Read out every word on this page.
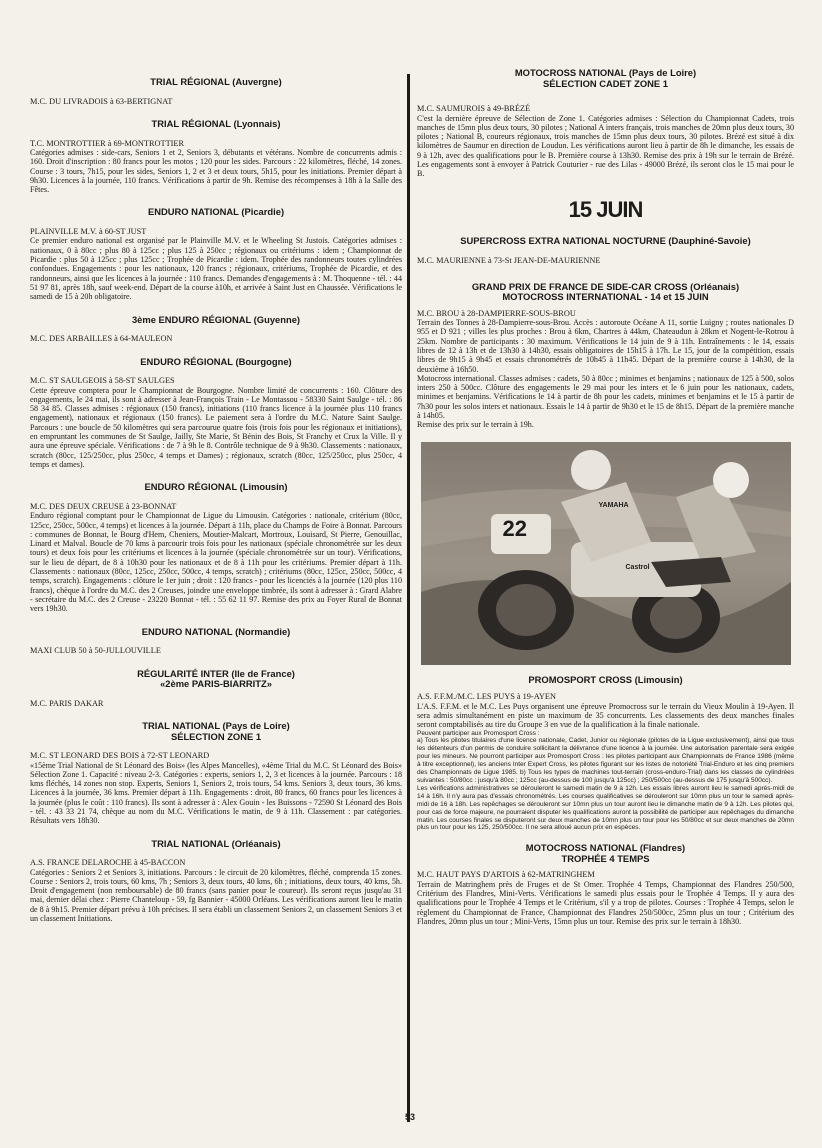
TRIAL RÉGIONAL (Auvergne)

M.C. DU LIVRADOIS à 63-BERTIGNAT

TRIAL RÉGIONAL (Lyonnais)

T.C. MONTROTTIER à 69-MONTROTTIER

Catégories admises : side-cars, Seniors 1 et 2, Seniors 3, débutants et vétérans. Nombre de concurrents admis : 160. Droit d'inscription : 80 francs pour les motos ; 120 pour les sides. Parcours : 22 kilomètres, fléché, 14 zones. Course : 3 tours, 7h15, pour les sides, Seniors 1, 2 et 3 et deux tours, 5h15, pour les initiations. Premier départ à 9h30. Licences à la journée, 110 francs. Vérifications à partir de 9h. Remise des récompenses à 18h à la Salle des Fêtes.

ENDURO NATIONAL (Picardie)

PLAINVILLE M.V. à 60-ST JUST

Ce premier enduro national est organisé par le Plainville M.V. et le Wheeling St Justois. Catégories admises : nationaux, 0 à 80cc ; plus 80 à 125cc ; plus 125 à 250cc ; régionaux ou critériums : idem ; Championnat de Picardie : plus 50 à 125cc ; plus 125cc ; Trophée de Picardie : idem. Trophée des randonneurs toutes cylindrées confondues. Engagements : pour les nationaux, 120 francs ; régionaux, critériums, Trophée de Picardie, et des randonneurs, ainsi que les licences à la journée : 110 francs. Demandes d'engagements à : M. Thoquenne - tél. : 44 51 97 81, après 18h, sauf week-end. Départ de la course à10h, et arrivée à Saint Just en Chaussée. Vérifications le samedi de 15 à 20h obligatoire.

3ème ENDURO RÉGIONAL (Guyenne)

M.C. DES ARBAILLES à 64-MAULEON

ENDURO RÉGIONAL (Bourgogne)

M.C. ST SAULGEOIS à 58-ST SAULGES

Cette épreuve comptera pour le Championnat de Bourgogne. Nombre limité de concurrents : 160. Clôture des engagements, le 24 mai, ils sont à adresser à Jean-François Train - Le Montassou - 58330 Saint Saulge - tél. : 86 58 34 85. Classes admises : régionaux (150 francs), initiations (110 francs licence à la journée plus 110 francs engagement), nationaux et régionaux (150 francs). Le paiement sera à l'ordre du M.C. Nature Saint Saulge. Parcours : une boucle de 50 kilomètres qui sera parcourue quatre fois (trois fois pour les régionaux et initiations), en empruntant les communes de St Saulge, Jailly, Ste Marie, St Bénin des Bois, St Franchy et Crux la Ville. Il y aura une épreuve spéciale. Vérifications : de 7 à 9h le 8. Contrôle technique de 9 à 9h30. Classements : nationaux, scratch (80cc, 125/250cc, plus 250cc, 4 temps et Dames) ; régionaux, scratch (80cc, 125/250cc, plus 250cc, 4 temps et dames).

ENDURO RÉGIONAL (Limousin)

M.C. DES DEUX CREUSE à 23-BONNAT

Enduro régional comptant pour le Championnat de Ligue du Limousin. Catégories : nationale, critérium (80cc, 125cc, 250cc, 500cc, 4 temps) et licences à la journée. Départ à 11h, place du Champs de Foire à Bonnat. Parcours : communes de Bonnat, le Bourg d'Hem, Cheniers, Moutier-Malcart, Mortroux, Louisard, St Pierre, Genouillac, Linard et Malval. Boucle de 70 kms à parcourir trois fois pour les nationaux (spéciale chronométrée sur les deux tours) et deux fois pour les critériums et licences à la journée (spéciale chronométrée sur un tour). Vérifications, sur le lieu de départ, de 8 à 10h30 pour les nationaux et de 8 à 11h pour les critériums. Premier départ à 11h. Classements : nationaux (80cc, 125cc, 250cc, 500cc, 4 temps, scratch) ; critériums (80cc, 125cc, 250cc, 500cc, 4 temps, scratch). Engagements : clôture le 1er juin ; droit : 120 francs - pour les licenciés à la journée (120 plus 110 francs), chèque à l'ordre du M.C. des 2 Creuses, joindre une enveloppe timbrée, ils sont à adresser à : Grard Alabre - secrétaire du M.C. des 2 Creuse - 23220 Bonnat - tél. : 55 62 11 97. Remise des prix au Foyer Rural de Bonnat vers 19h30.

ENDURO NATIONAL (Normandie)

MAXI CLUB 50 à 50-JULLOUVILLE

RÉGULARITÉ INTER (Ile de France)
«2ème PARIS-BIARRITZ»

M.C. PARIS DAKAR

TRIAL NATIONAL (Pays de Loire)
SÉLECTION ZONE 1

M.C. ST LEONARD DES BOIS à 72-ST LEONARD

«15ème Trial National de St Léonard des Bois» (les Alpes Mancelles), «4ème Trial du M.C. St Léonard des Bois» Sélection Zone 1. Capacité : niveau 2-3. Catégories : experts, seniors 1, 2, 3 et licences à la journée. Parcours : 18 kms fléchés, 14 zones non stop. Experts, Seniors 1, Seniors 2, trois tours, 54 kms. Seniors 3, deux tours, 36 kms. Licences à la journée, 36 kms. Premier départ à 11h. Engagements : droit, 80 francs, 60 francs pour les licences à la journée (plus le coût : 110 francs). Ils sont à adresser à : Alex Gouin - les Buissons - 72590 St Léonard des Bois - tél. : 43 33 21 74, chèque au nom du M.C. Vérifications le matin, de 9 à 11h. Classement : par catégories. Résultats vers 18h30.

TRIAL NATIONAL (Orléanais)

A.S. FRANCE DELAROCHE à 45-BACCON

Catégories : Seniors 2 et Seniors 3, initiations. Parcours : le circuit de 20 kilomètres, fléché, comprenda 15 zones. Course : Seniors 2, trois tours, 60 kms, 7h ; Seniors 3, deux tours, 40 kms, 6h ; initiations, deux tours, 40 kms, 5h. Droit d'engagement (non remboursable) de 80 francs (sans panier pour le coureur). Ils seront reçus jusqu'au 31 mai, dernier délai chez : Pierre Chanteloup - 59, fg Bannier - 45000 Orléans. Les vérifications auront lieu le matin de 8 à 9h15. Premier départ prévu à 10h précises. Il sera établi un classement Seniors 2, un classement Seniors 3 et un classement Initiations.

MOTOCROSS NATIONAL (Pays de Loire)
SÉLECTION CADET ZONE 1

M.C. SAUMUROIS à 49-BRÉZÉ

C'est la dernière épreuve de Sélection de Zone 1. Catégories admises : Sélection du Championnat Cadets, trois manches de 15mn plus deux tours, 30 pilotes ; National A inters français, trois manches de 20mn plus deux tours, 30 pilotes ; National B, coureurs régionaux, trois manches de 15mn plus deux tours, 30 pilotes. Brézé est situé à dix kilomètres de Saumur en direction de Loudun. Les vérifications auront lieu à partir de 8h le dimanche, les essais de 9 à 12h, avec des qualifications pour le B. Première course à 13h30. Remise des prix à 19h sur le terrain de Brézé. Les engagements sont à envoyer à Patrick Couturier - rue des Lilas - 49000 Brézé, ils seront clos le 15 mai pour le B.

15 JUIN

SUPERCROSS EXTRA NATIONAL NOCTURNE (Dauphiné-Savoie)

M.C. MAURIENNE à 73-St JEAN-DE-MAURIENNE

GRAND PRIX DE FRANCE DE SIDE-CAR CROSS (Orléanais)
MOTOCROSS INTERNATIONAL - 14 et 15 JUIN

M.C. BROU à 28-DAMPIERRE-SOUS-BROU

Terrain des Tonnes à 28-Dampierre-sous-Brou. Accès : autoroute Océane A 11, sortie Luigny ; routes nationales D 955 et D 921 ; villes les plus proches : Brou à 6km, Chartres à 44km, Chateaudun à 28km et Nogent-le-Rotrou à 25km. Nombre de participants : 30 maximum. Vérifications le 14 juin de 9 à 11h. Entraînements : le 14, essais libres de 12 à 13h et de 13h30 à 14h30, essais obligatoires de 15h15 à 17h. Le 15, jour de la compétition, essais libres de 9h15 à 9h45 et essais chronométrés de 10h45 à 11h45. Départ de la première course à 14h30, de la deuxième à 16h50.

Motocross international. Classes admises : cadets, 50 à 80cc ; minimes et benjamins ; nationaux de 125 à 500, solos inters 250 à 500cc. Clôture des engagements le 29 mai pour les inters et le 6 juin pour les nationaux, cadets, minimes et benjamins. Vérifications le 14 à partir de 8h pour les cadets, minimes et benjamins et le 15 à partir de 7h30 pour les solos inters et nationaux. Essais le 14 à partir de 9h30 et le 15 de 8h15. Départ de la première manche à 14h05.

Remise des prix sur le terrain à 19h.

22
YAMAHA
Castrol

PROMOSPORT CROSS (Limousin)

A.S. F.F.M./M.C. LES PUYS à 19-AYEN

L'A.S. F.F.M. et le M.C. Les Puys organisent une épreuve Promocross sur le terrain du Vieux Moulin à 19-Ayen. Il sera admis simultanément en piste un maximum de 35 concurrents. Les classements des deux manches finales seront comptabilisés au tire du Groupe 3 en vue de la qualification à la finale nationale.

Peuvent participer aux Promosport Cross :

a) Tous les pilotes titulaires d'une licence nationale, Cadet, Junior ou régionale (pilotes de la Ligue exclusivement), ainsi que tous les détenteurs d'un permis de conduire sollicitant la délivrance d'une licence à la journée. Une autorisation parentale sera exigée pour les mineurs. Ne pourront participer aux Promosport Cross : les pilotes participant aux Championnats de France 1986 (même à titre exceptionnel), les anciens Inter Expert Cross, les pilotes figurant sur les listes de notoriété Trial-Enduro et les cinq premiers des Championnats de Ligue 1985. b) Tous les types de machines tout-terrain (cross-enduro-Trial) dans les classes de cylindrées suivantes : 50/80cc : jusqu'à 80cc ; 125cc (au-dessus de 100 jusqu'à 125cc) ; 250/500cc (au-dessus de 175 jusqu'à 500cc).

Les vérifications administratives se dérouleront le samedi matin de 9 à 12h. Les essais libres auront lieu le samedi après-midi de 14 à 16h. Il n'y aura pas d'essais chronométrés. Les courses qualificatives se dérouleront sur 10mn plus un tour le samedi après-midi de 16 à 18h. Les repêchages se dérouleront sur 10mn plus un tour auront lieu le dimanche matin de 9 à 12h. Les pilotes qui, pour cas de force majeure, ne pourraient disputer les qualifications auront la possibilité de participer aux repêchages du dimanche matin. Les courses finales se disputeront sur deux manches de 10mn plus un tour pour les 50/80cc et sur deux manches de 20mn plus un tour pour les 125, 250/500cc. Il ne sera alloué aucun prix en espèces.

MOTOCROSS NATIONAL (Flandres)
TROPHÉE 4 TEMPS

M.C. HAUT PAYS D'ARTOIS à 62-MATRINGHEM

Terrain de Matringhem près de Fruges et de St Omer. Trophée 4 Temps, Championnat des Flandres 250/500, Critérium des Flandres, Mini-Verts. Vérifications le samedi plus essais pour le Trophée 4 Temps. Il y aura des qualifications pour le Trophée 4 Temps et le Critérium, s'il y a trop de pilotes. Courses : Trophée 4 Temps, selon le règlement du Championnat de France, Championnat des Flandres 250/500cc, 25mn plus un tour ; Critérium des Flandres, 20mn plus un tour ; Mini-Verts, 15mn plus un tour. Remise des prix sur le terrain à 18h30.

53
